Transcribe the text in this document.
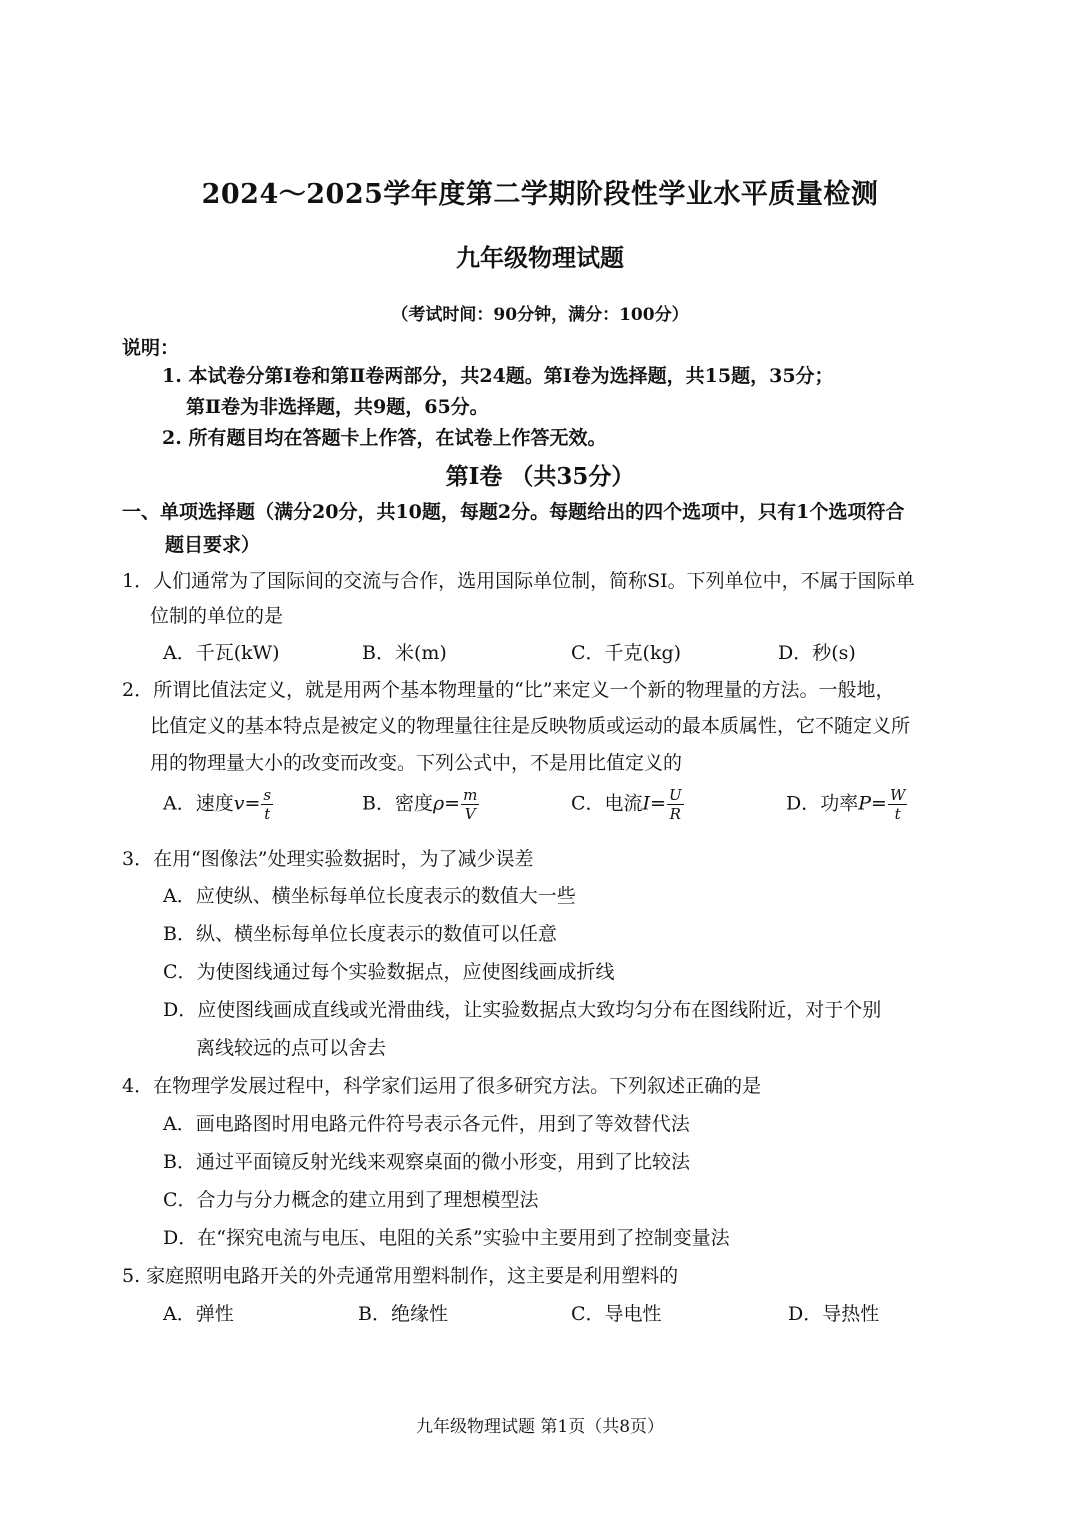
2024～2025学年度第二学期阶段性学业水平质量检测
九年级物理试题
（考试时间：90分钟，满分：100分）
说明：
1. 本试卷分第Ⅰ卷和第Ⅱ卷两部分，共24题。第Ⅰ卷为选择题，共15题，35分；
第Ⅱ卷为非选择题，共9题，65分。
2. 所有题目均在答题卡上作答，在试卷上作答无效。
第Ⅰ卷 （共35分）
一、单项选择题（满分20分，共10题，每题2分。每题给出的四个选项中，只有1个选项符合
题目要求）
1．人们通常为了国际间的交流与合作，选用国际单位制，简称SI。下列单位中，不属于国际单
位制的单位的是
A．千瓦(kW)	B．米(m)	C．千克(kg)	D．秒(s)
2．所谓比值法定义，就是用两个基本物理量的“比”来定义一个新的物理量的方法。一般地，
比值定义的基本特点是被定义的物理量往往是反映物质或运动的最本质属性，它不随定义所
用的物理量大小的改变而改变。下列公式中，不是用比值定义的
A．速度$v= \frac{s}{t}$	B．密度$\rho= \frac{m}{V}$	C．电流$I= \frac{U}{R}$	D．功率$P= \frac{W}{t}$
3．在用“图像法”处理实验数据时，为了减少误差
A．应使纵、横坐标每单位长度表示的数值大一些
B．纵、横坐标每单位长度表示的数值可以任意
C．为使图线通过每个实验数据点，应使图线画成折线
D．应使图线画成直线或光滑曲线，让实验数据点大致均匀分布在图线附近，对于个别
离线较远的点可以舍去
4．在物理学发展过程中，科学家们运用了很多研究方法。下列叙述正确的是
A．画电路图时用电路元件符号表示各元件，用到了等效替代法
B．通过平面镜反射光线来观察桌面的微小形变，用到了比较法
C．合力与分力概念的建立用到了理想模型法
D．在“探究电流与电压、电阻的关系”实验中主要用到了控制变量法
5. 家庭照明电路开关的外壳通常用塑料制作，这主要是利用塑料的
A．弹性	B．绝缘性	C．导电性	D．导热性
九年级物理试题 第1页（共8页）
